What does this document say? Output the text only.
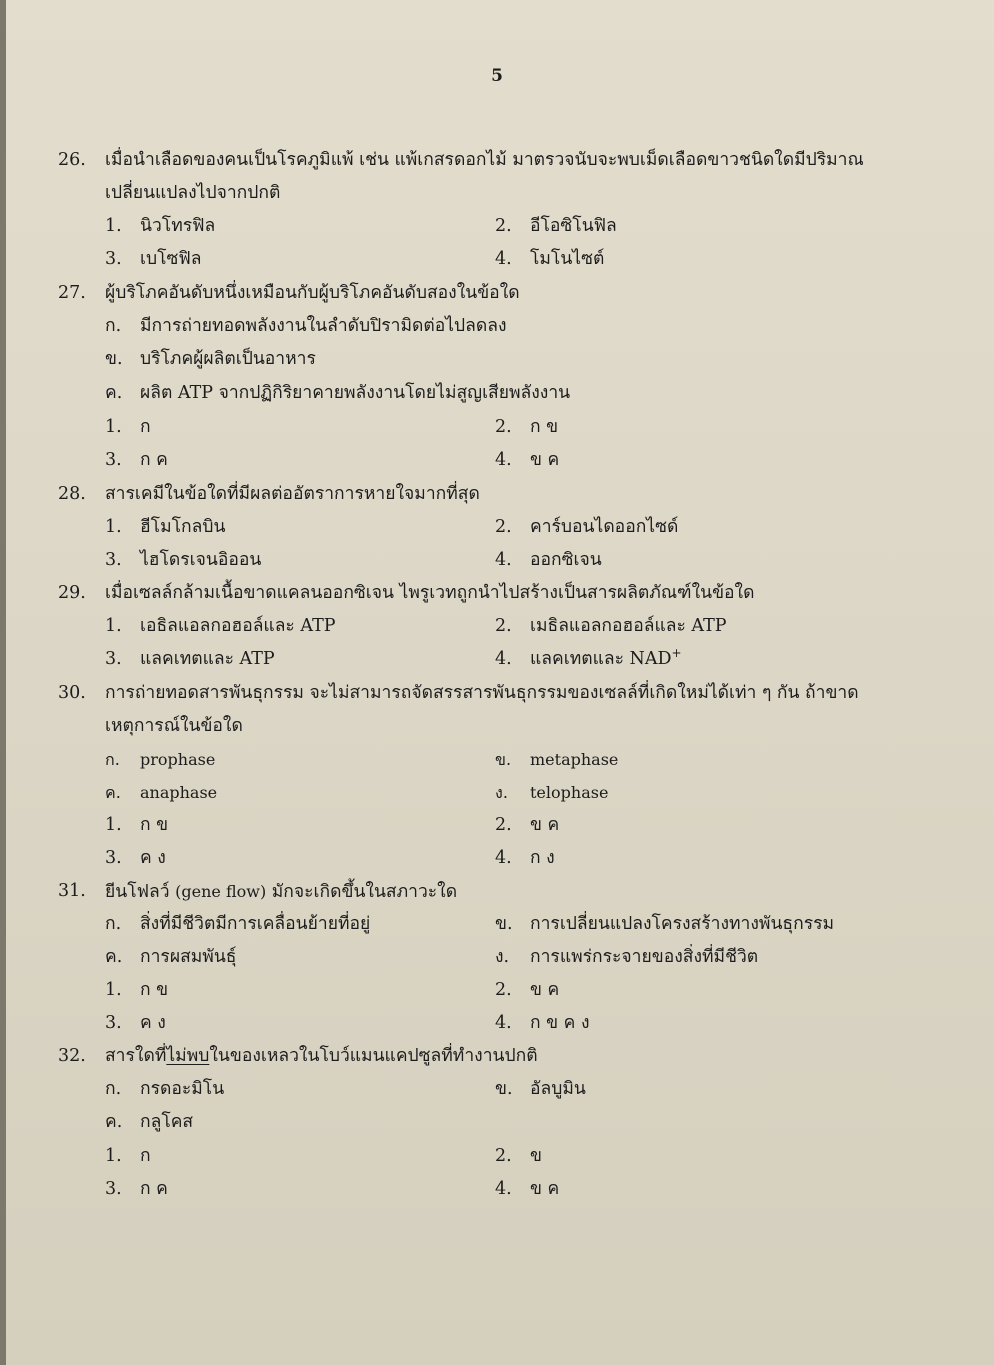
5
26.	เมื่อนำเลือดของคนเป็นโรคภูมิแพ้ เช่น แพ้เกสรดอกไม้ มาตรวจนับจะพบเม็ดเลือดขาวชนิดใดมีปริมาณ
เปลี่ยนแปลงไปจากปกติ
1. นิวโทรฟิล	2. อีโอซิโนฟิล
3. เบโซฟิล	4. โมโนไซต์
27.	ผู้บริโภคอันดับหนึ่งเหมือนกับผู้บริโภคอันดับสองในข้อใด
ก. มีการถ่ายทอดพลังงานในลำดับปิรามิดต่อไปลดลง
ข. บริโภคผู้ผลิตเป็นอาหาร
ค. ผลิต ATP จากปฏิกิริยาคายพลังงานโดยไม่สูญเสียพลังงาน
1. ก	2. ก ข
3. ก ค	4. ข ค
28.	สารเคมีในข้อใดที่มีผลต่ออัตราการหายใจมากที่สุด
1. ฮีโมโกลบิน	2. คาร์บอนไดออกไซด์
3. ไฮโดรเจนอิออน	4. ออกซิเจน
29.	เมื่อเซลล์กล้ามเนื้อขาดแคลนออกซิเจน ไพรูเวทถูกนำไปสร้างเป็นสารผลิตภัณฑ์ในข้อใด
1. เอธิลแอลกอฮอล์และ ATP	2. เมธิลแอลกอฮอล์และ ATP
3. แลคเทตและ ATP	4. แลคเทตและ NAD+
30.	การถ่ายทอดสารพันธุกรรม จะไม่สามารถจัดสรรสารพันธุกรรมของเซลล์ที่เกิดใหม่ได้เท่า ๆ กัน ถ้าขาด
เหตุการณ์ในข้อใด
ก. prophase	ข. metaphase
ค. anaphase	ง. telophase
1. ก ข	2. ข ค
3. ค ง	4. ก ง
31.	ยีนโฟลว์ (gene flow) มักจะเกิดขึ้นในสภาวะใด
ก. สิ่งที่มีชีวิตมีการเคลื่อนย้ายที่อยู่	ข. การเปลี่ยนแปลงโครงสร้างทางพันธุกรรม
ค. การผสมพันธุ์	ง. การแพร่กระจายของสิ่งที่มีชีวิต
1. ก ข	2. ข ค
3. ค ง	4. ก ข ค ง
32.	สารใดที่ไม่พบในของเหลวในโบว์แมนแคปซูลที่ทำงานปกติ
ก. กรดอะมิโน	ข. อัลบูมิน
ค. กลูโคส
1. ก	2. ข
3. ก ค	4. ข ค
